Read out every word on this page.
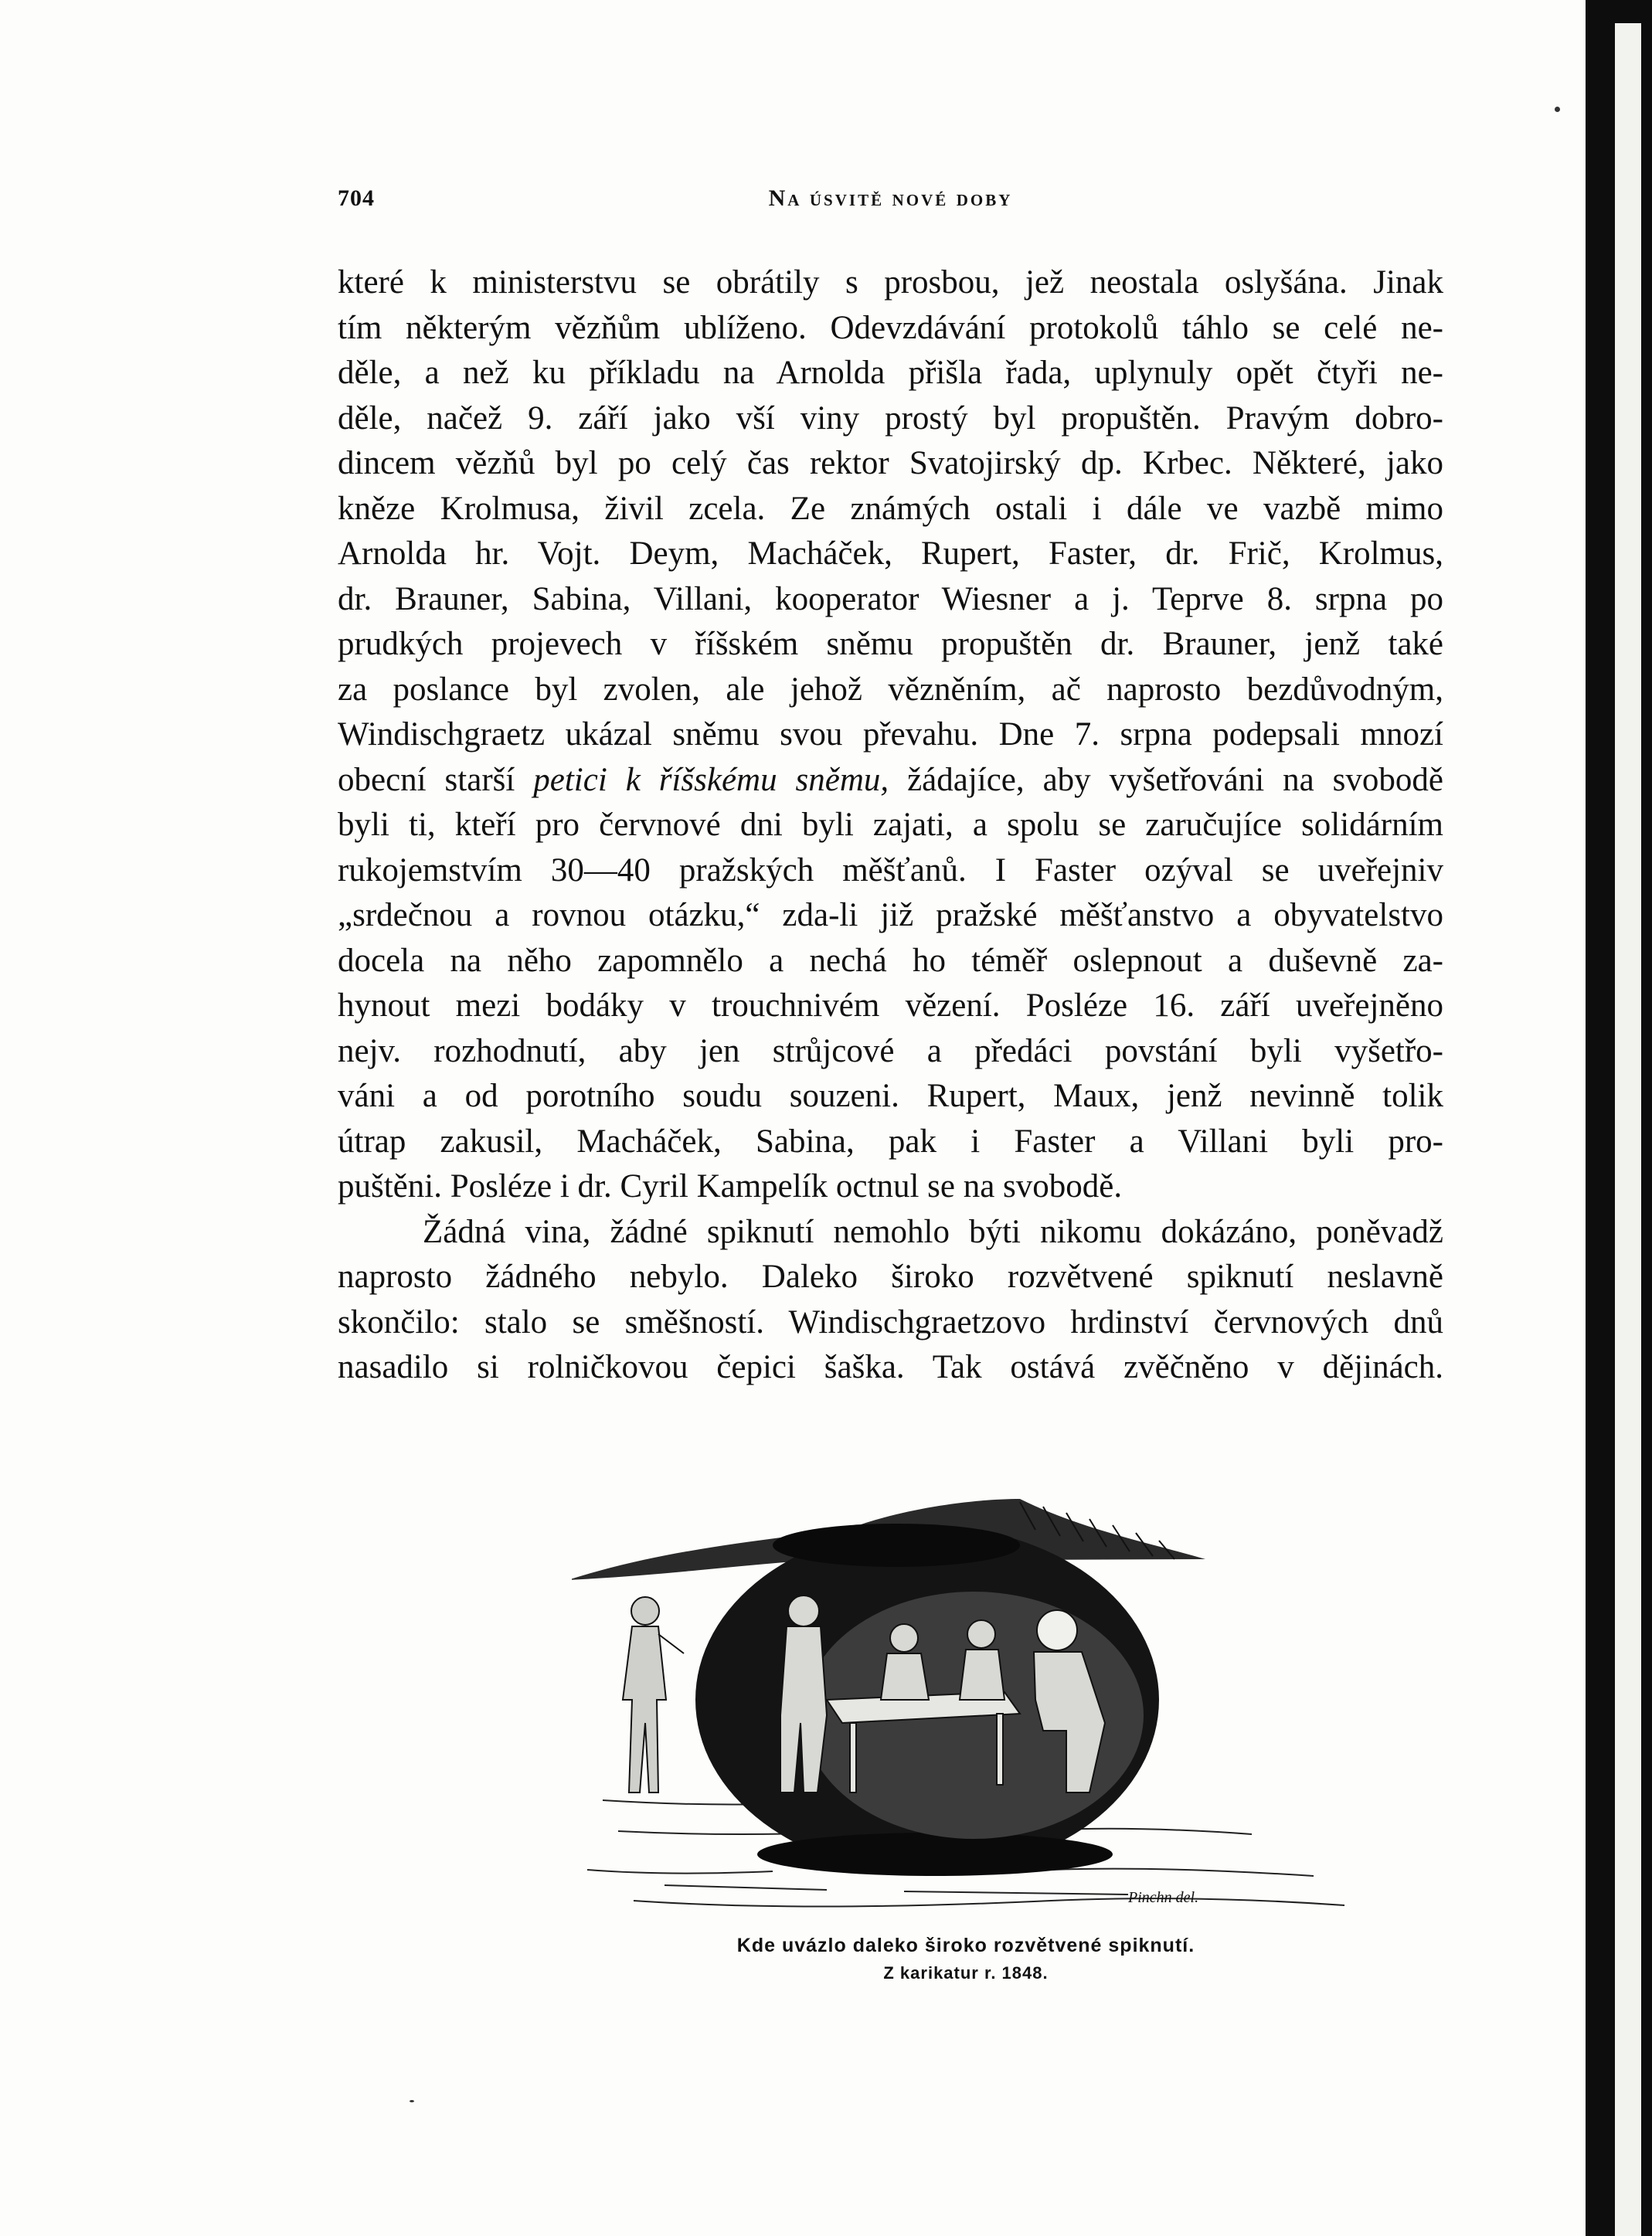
704	Na úsvitě nové doby
které k ministerstvu se obrátily s prosbou, jež neostala oslyšána. Jinak
tím některým vězňům ublíženo. Odevzdávání protokolů táhlo se celé ne-
děle, a než ku příkladu na Arnolda přišla řada, uplynuly opět čtyři ne-
děle, načež 9. září jako vší viny prostý byl propuštěn. Pravým dobro-
dincem vězňů byl po celý čas rektor Svatojirský dp. Krbec. Některé, jako
kněze Krolmusa, živil zcela. Ze známých ostali i dále ve vazbě mimo
Arnolda hr. Vojt. Deym, Macháček, Rupert, Faster, dr. Frič, Krolmus,
dr. Brauner, Sabina, Villani, kooperator Wiesner a j. Teprve 8. srpna po
prudkých projevech v říšském sněmu propuštěn dr. Brauner, jenž také
za poslance byl zvolen, ale jehož vězněním, ač naprosto bezdůvodným,
Windischgraetz ukázal sněmu svou převahu. Dne 7. srpna podepsali mnozí
obecní starší petici k říšskému sněmu, žádajíce, aby vyšetřováni na svobodě
byli ti, kteří pro červnové dni byli zajati, a spolu se zaručujíce solidárním
rukojemstvím 30—40 pražských měšťanů. I Faster ozýval se uveřejniv
„srdečnou a rovnou otázku,“ zda-li již pražské měšťanstvo a obyvatelstvo
docela na něho zapomnělo a nechá ho téměř oslepnout a duševně za-
hynout mezi bodáky v trouchnivém vězení. Posléze 16. září uveřejněno
nejv. rozhodnutí, aby jen strůjcové a předáci povstání byli vyšetřo-
váni a od porotního soudu souzeni. Rupert, Maux, jenž nevinně tolik
útrap zakusil, Macháček, Sabina, pak i Faster a Villani byli pro-
puštěni. Posléze i dr. Cyril Kampelík octnul se na svobodě.
Žádná vina, žádné spiknutí nemohlo býti nikomu dokázáno, poněvadž
naprosto žádného nebylo. Daleko široko rozvětvené spiknutí neslavně
skončilo: stalo se směšností. Windischgraetzovo hrdinství červnových dnů
nasadilo si rolničkovou čepici šaška. Tak ostává zvěčněno v dějinách.
Pinchn del.
Kde uvázlo daleko široko rozvětvené spiknutí.
Z karikatur r. 1848.
